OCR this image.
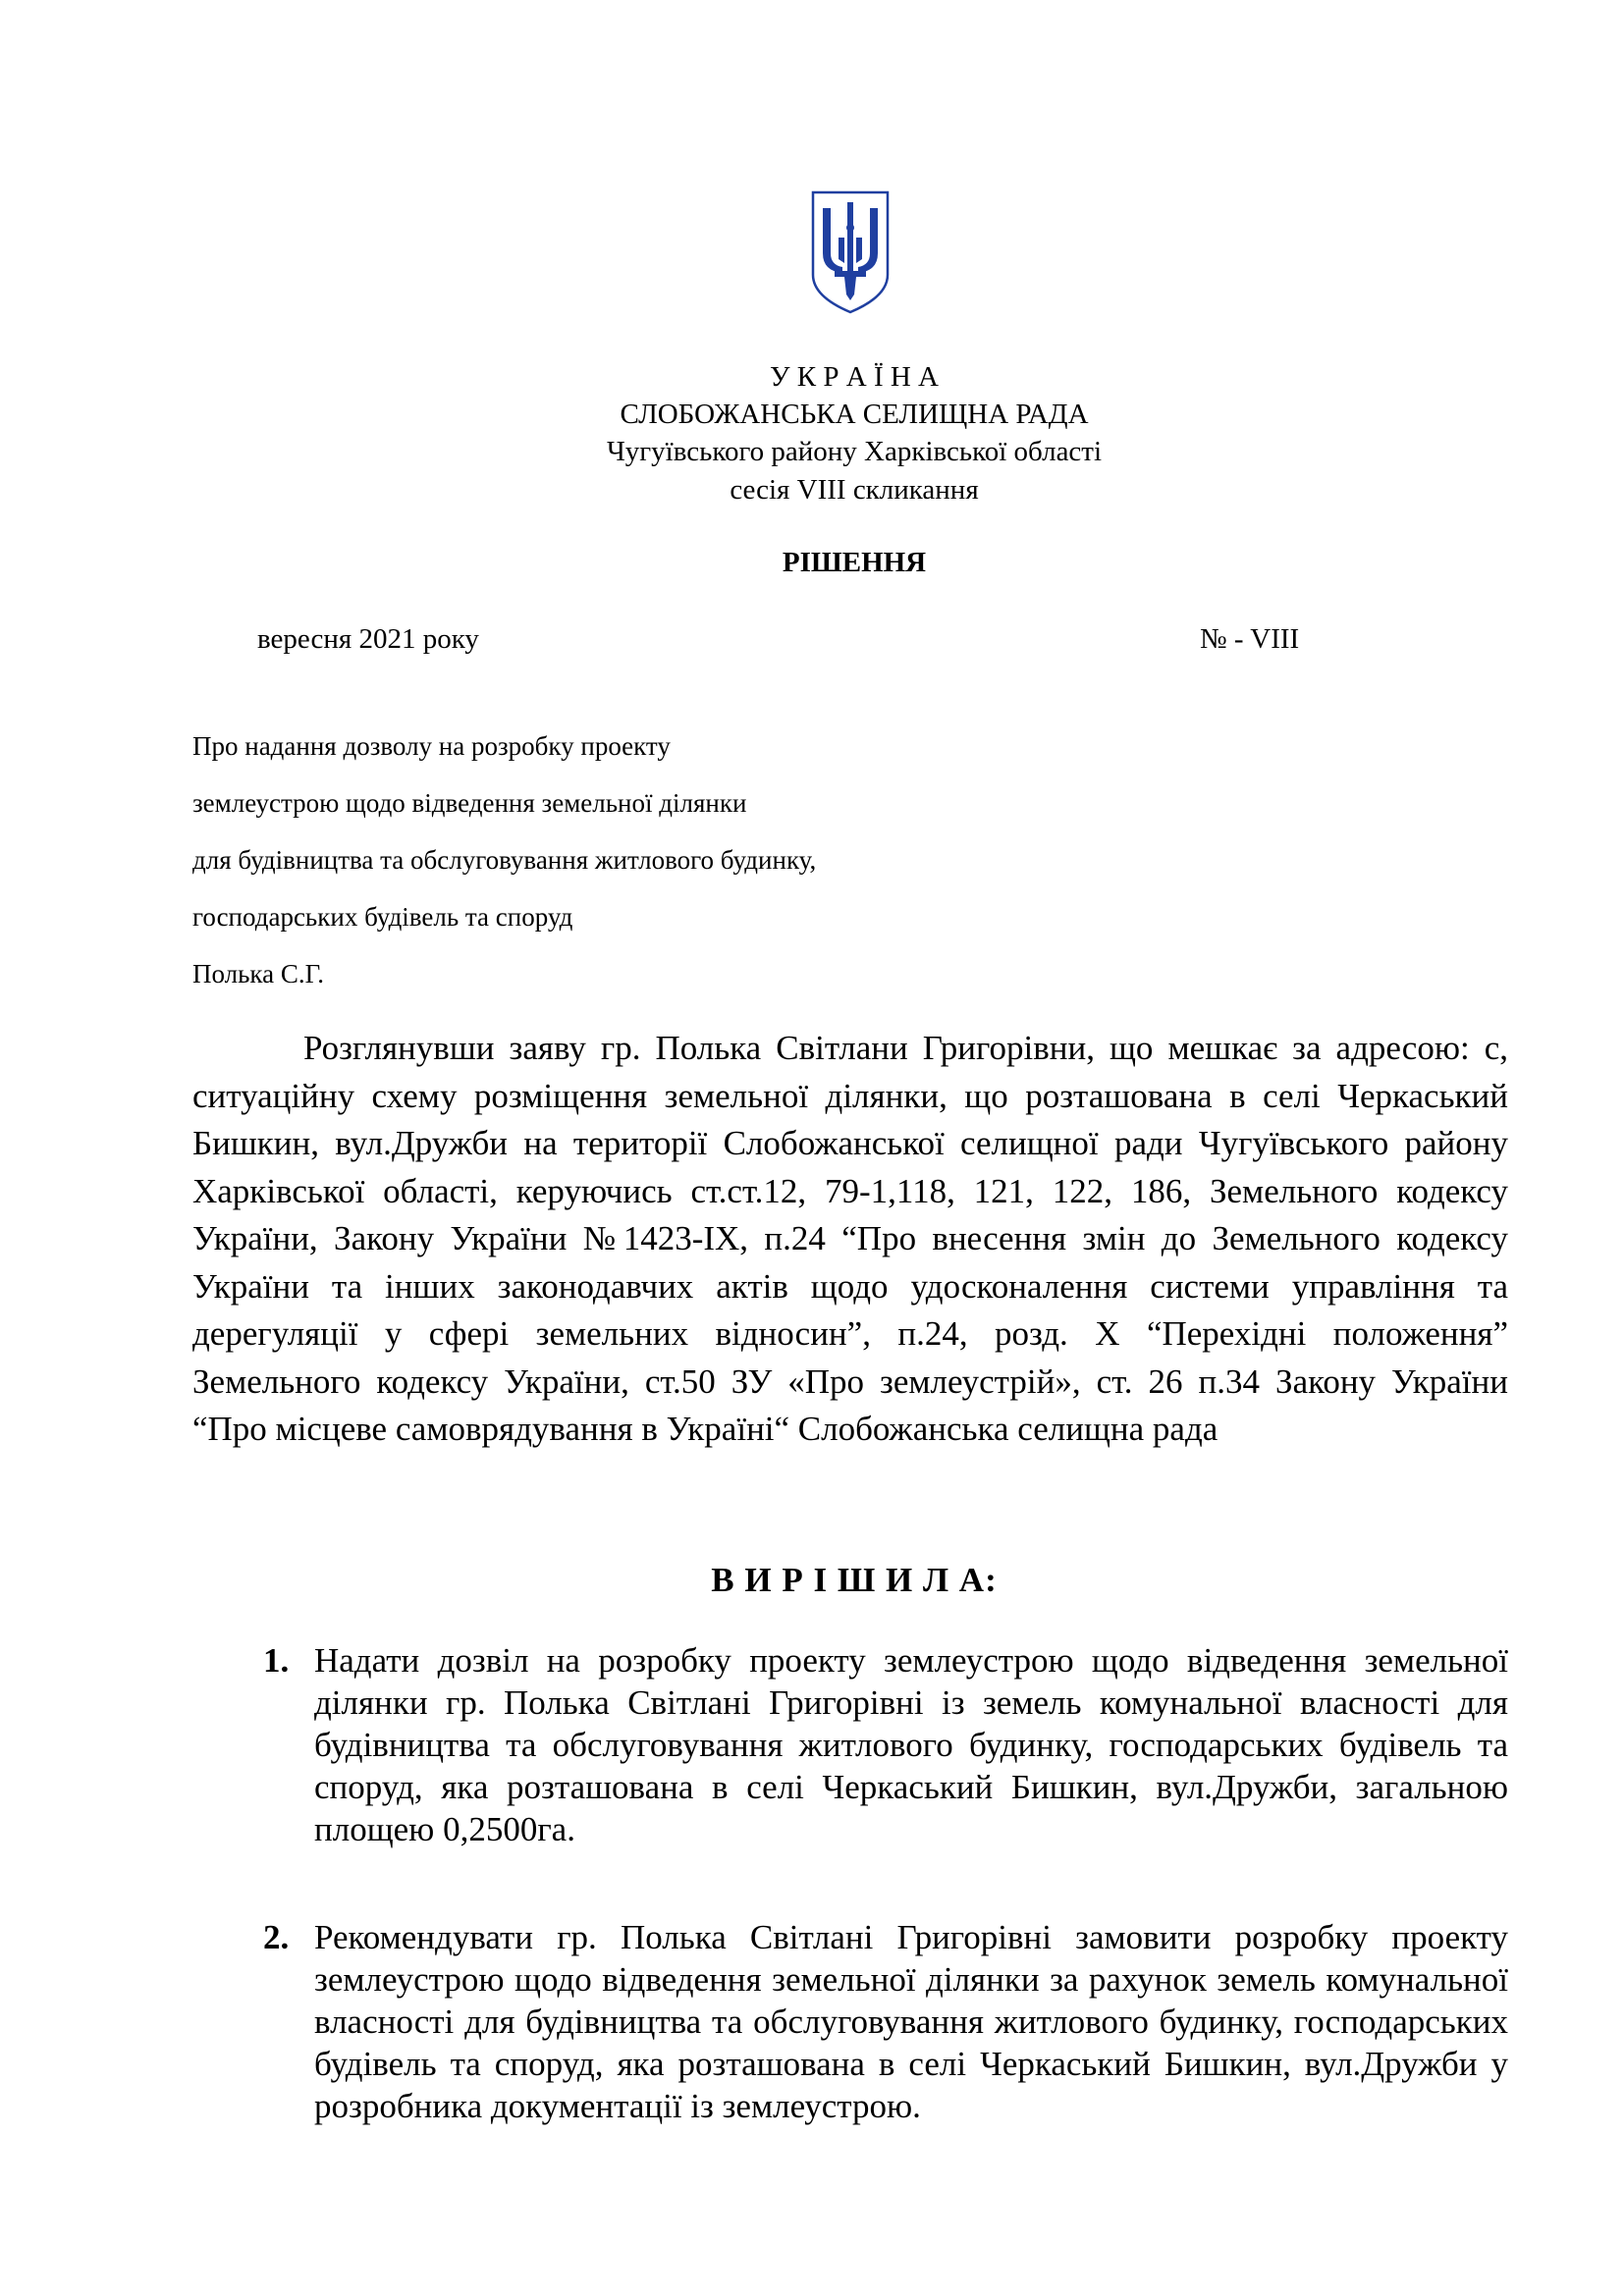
У К Р А Ї Н А
СЛОБОЖАНСЬКА СЕЛИЩНА РАДА
Чугуївського району Харківської області
сесія VIII скликання
РІШЕННЯ
вересня 2021 року	№ - VIII
Про надання дозволу на розробку проекту
землеустрою щодо відведення земельної ділянки
для будівництва та обслуговування житлового будинку,
господарських будівель та споруд
Полька С.Г.

Розглянувши заяву гр. Полька Світлани Григорівни, що мешкає за адресою: с, ситуаційну схему розміщення земельної ділянки, що розташована в селі Черкаський Бишкин, вул.Дружби на території Слобожанської селищної ради Чугуївського району Харківської області, керуючись ст.ст.12, 79-1,118, 121, 122, 186, Земельного кодексу України, Закону України №1423-IX, п.24 “Про внесення змін до Земельного кодексу України та інших законодавчих актів щодо удосконалення системи управління та дерегуляції у сфері земельних відносин”, п.24, розд. X “Перехідні положення” Земельного кодексу України, ст.50 ЗУ «Про землеустрій», ст. 26 п.34 Закону України “Про місцеве самоврядування в Україні“ Слобожанська селищна рада

В И Р І Ш И Л А:

1. Надати дозвіл на розробку проекту землеустрою щодо відведення земельної ділянки гр. Полька Світлані Григорівні із земель комунальної власності для будівництва та обслуговування житлового будинку, господарських будівель та споруд, яка розташована в селі Черкаський Бишкин, вул.Дружби, загальною площею 0,2500га.

2. Рекомендувати гр. Полька Світлані Григорівні замовити розробку проекту землеустрою щодо відведення земельної ділянки за рахунок земель комунальної власності для будівництва та обслуговування житлового будинку, господарських будівель та споруд, яка розташована в селі Черкаський Бишкин, вул.Дружби у розробника документації із землеустрою.
